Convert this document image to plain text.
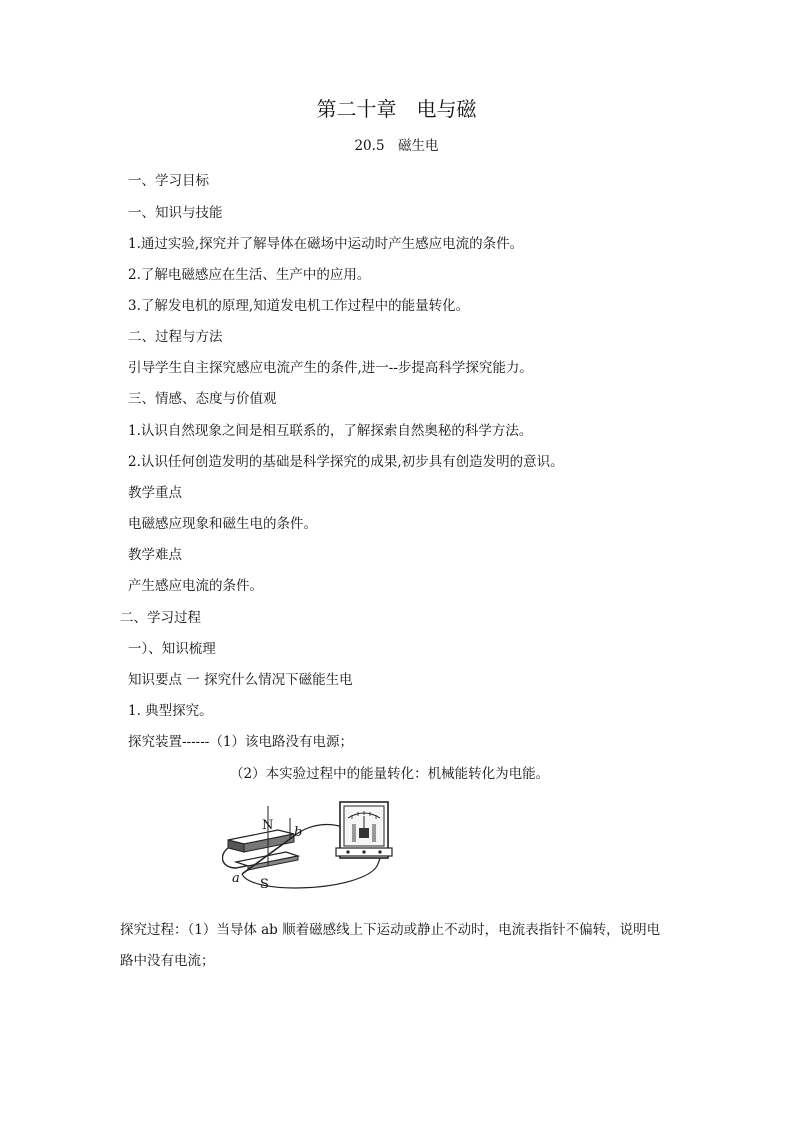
第二十章　电与磁
20.5　磁生电
一、学习目标
一、知识与技能
1.通过实验,探究并了解导体在磁场中运动时产生感应电流的条件。
2.了解电磁感应在生活、生产中的应用。
3.了解发电机的原理,知道发电机工作过程中的能量转化。
二、过程与方法
引导学生自主探究感应电流产生的条件,进一--步提高科学探究能力。
三、情感、态度与价值观
1.认识自然现象之间是相互联系的，了解探索自然奥秘的科学方法。
2.认识任何创造发明的基础是科学探究的成果,初步具有创造发明的意识。
教学重点
电磁感应现象和磁生电的条件。
教学难点
产生感应电流的条件。
二、学习过程
一）、知识梳理
知识要点 一 探究什么情况下磁能生电
1. 典型探究。
探究装置------（1）该电路没有电源；
（2）本实验过程中的能量转化：机械能转化为电能。
N
S
a
b
探究过程：（1）当导体 ab 顺着磁感线上下运动或静止不动时，电流表指针不偏转，说明电
路中没有电流；
